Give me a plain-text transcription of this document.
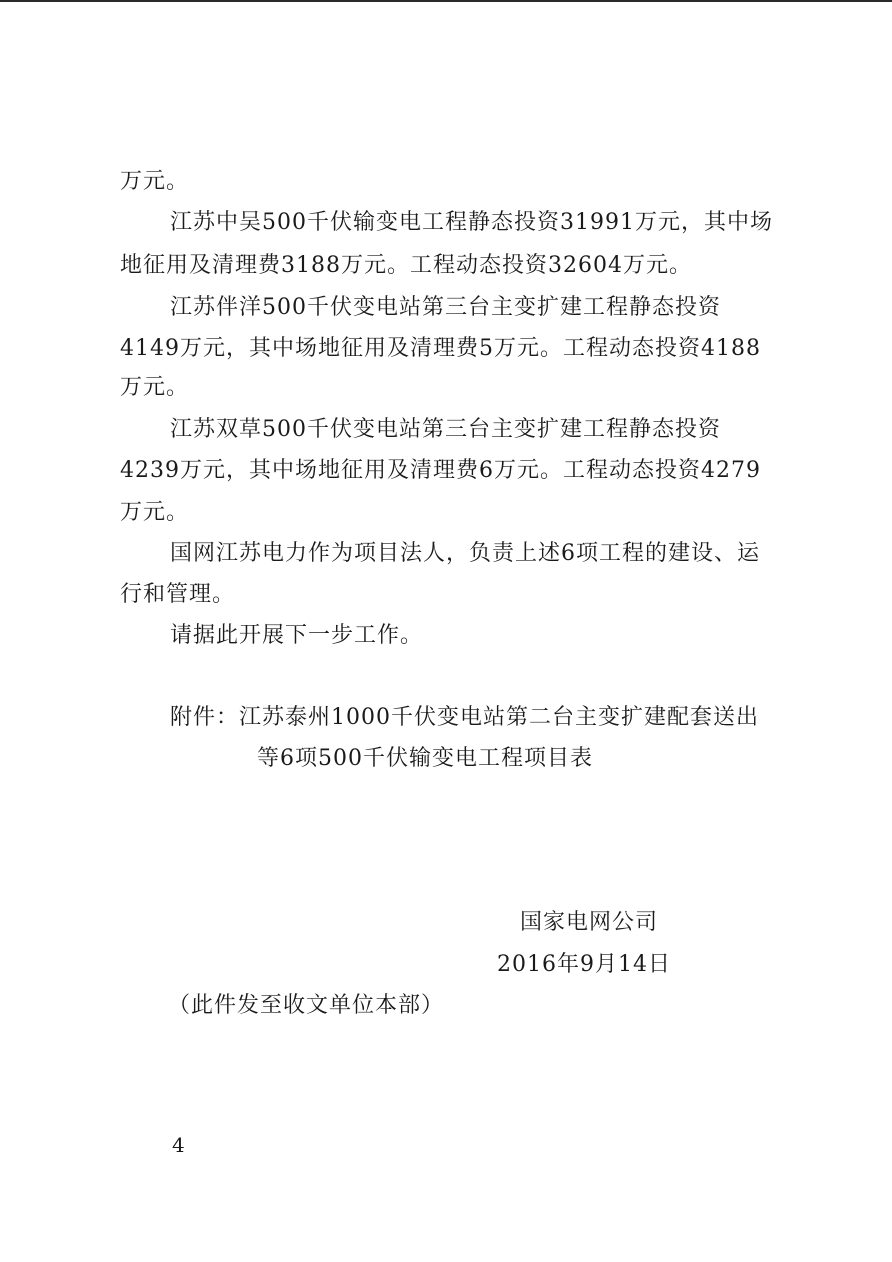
万元。
江苏中吴500千伏输变电工程静态投资31991万元，其中场
地征用及清理费3188万元。工程动态投资32604万元。
江苏伴洋500千伏变电站第三台主变扩建工程静态投资
4149万元，其中场地征用及清理费5万元。工程动态投资4188
万元。
江苏双草500千伏变电站第三台主变扩建工程静态投资
4239万元，其中场地征用及清理费6万元。工程动态投资4279
万元。
国网江苏电力作为项目法人，负责上述6项工程的建设、运
行和管理。
请据此开展下一步工作。
附件：江苏泰州1000千伏变电站第二台主变扩建配套送出
等6项500千伏输变电工程项目表
国家电网公司
2016年9月14日
（此件发至收文单位本部）
4
